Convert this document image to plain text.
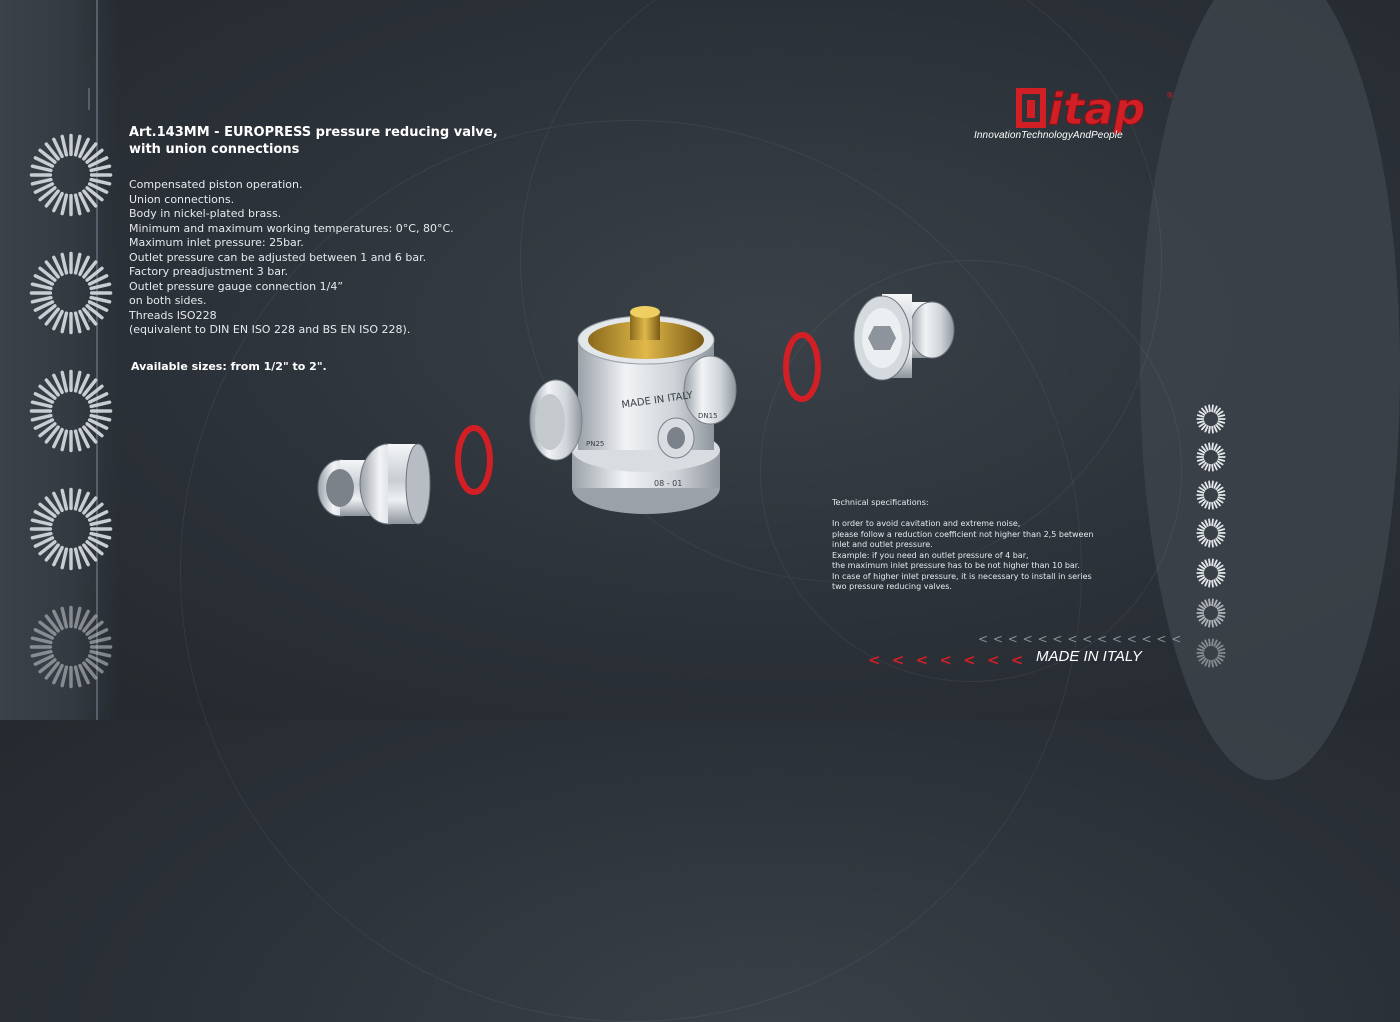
Art.143MM - EUROPRESS pressure reducing valve,
with union connections
Compensated piston operation.
Union connections.
Body in nickel-plated brass.
Minimum and maximum working temperatures: 0°C, 80°C.
Maximum inlet pressure: 25bar.
Outlet pressure can be adjusted between 1 and 6 bar.
Factory preadjustment 3 bar.
Outlet pressure gauge connection 1/4”
on both sides.
Threads ISO228
(equivalent to DIN EN ISO 228 and BS EN ISO 228).
Available sizes: from 1/2" to 2".
itap	®
InnovationTechnologyAndPeople
MADE IN ITALY
PN25
DN15
08 - 01
Technical specifications:
In order to avoid cavitation and extreme noise,
please follow a reduction coefficient not higher than 2,5 between
inlet and outlet pressure.
Example: if you need an outlet pressure of 4 bar,
the maximum inlet pressure has to be not higher than 10 bar.
In case of higher inlet pressure, it is necessary to install in series
two pressure reducing valves.
< < < < < < < < < < < < < <
< < < < < < < MADE IN ITALY
